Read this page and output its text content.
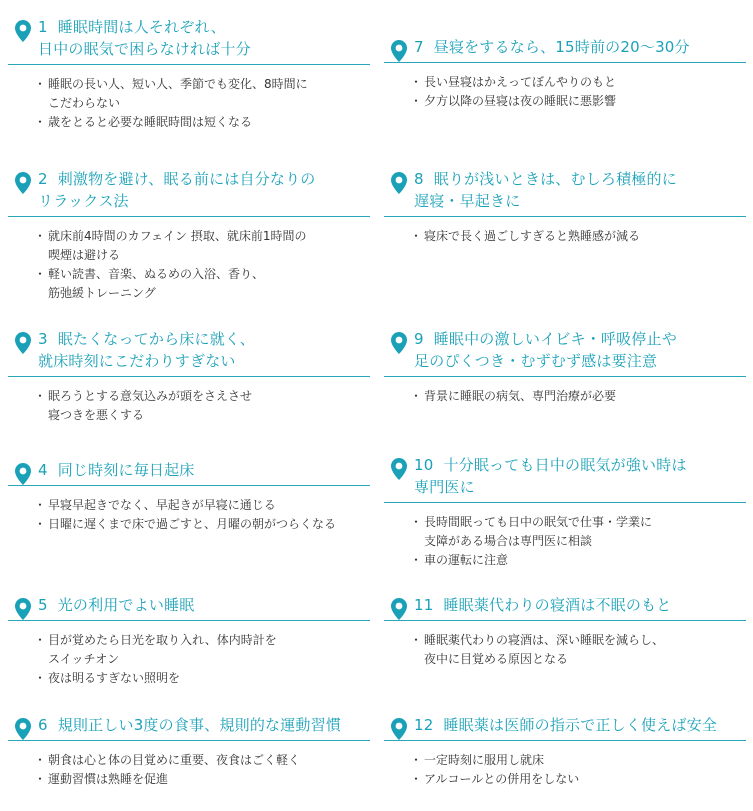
1 睡眠時間は人それぞれ、
日中の眠気で困らなければ十分
・ 睡眠の長い人、短い人、季節でも変化、8時間に
こだわらない
・ 歳をとると必要な睡眠時間は短くなる
2 刺激物を避け、眠る前には自分なりの
リラックス法
・ 就床前4時間のカフェイン 摂取、就床前1時間の
喫煙は避ける
・ 軽い読書、音楽、ぬるめの入浴、香り、
筋弛緩トレーニング
3 眠たくなってから床に就く、
就床時刻にこだわりすぎない
・ 眠ろうとする意気込みが頭をさえさせ
寝つきを悪くする
4 同じ時刻に毎日起床
・ 早寝早起きでなく、早起きが早寝に通じる
・ 日曜に遅くまで床で過ごすと、月曜の朝がつらくなる
5 光の利用でよい睡眠
・ 目が覚めたら日光を取り入れ、体内時計を
スイッチオン
・ 夜は明るすぎない照明を
6 規則正しい3度の食事、規則的な運動習慣
・ 朝食は心と体の目覚めに重要、夜食はごく軽く
・ 運動習慣は熟睡を促進
7 昼寝をするなら、15時前の20〜30分
・ 長い昼寝はかえってぼんやりのもと
・ 夕方以降の昼寝は夜の睡眠に悪影響
8 眠りが浅いときは、むしろ積極的に
遅寝・早起きに
・ 寝床で長く過ごしすぎると熟睡感が減る
9 睡眠中の激しいイビキ・呼吸停止や
足のぴくつき・むずむず感は要注意
・ 背景に睡眠の病気、専門治療が必要
10 十分眠っても日中の眠気が強い時は
専門医に
・ 長時間眠っても日中の眠気で仕事・学業に
支障がある場合は専門医に相談
・ 車の運転に注意
11 睡眠薬代わりの寝酒は不眠のもと
・ 睡眠薬代わりの寝酒は、深い睡眠を減らし、
夜中に目覚める原因となる
12 睡眠薬は医師の指示で正しく使えば安全
・ 一定時刻に服用し就床
・ アルコールとの併用をしない
